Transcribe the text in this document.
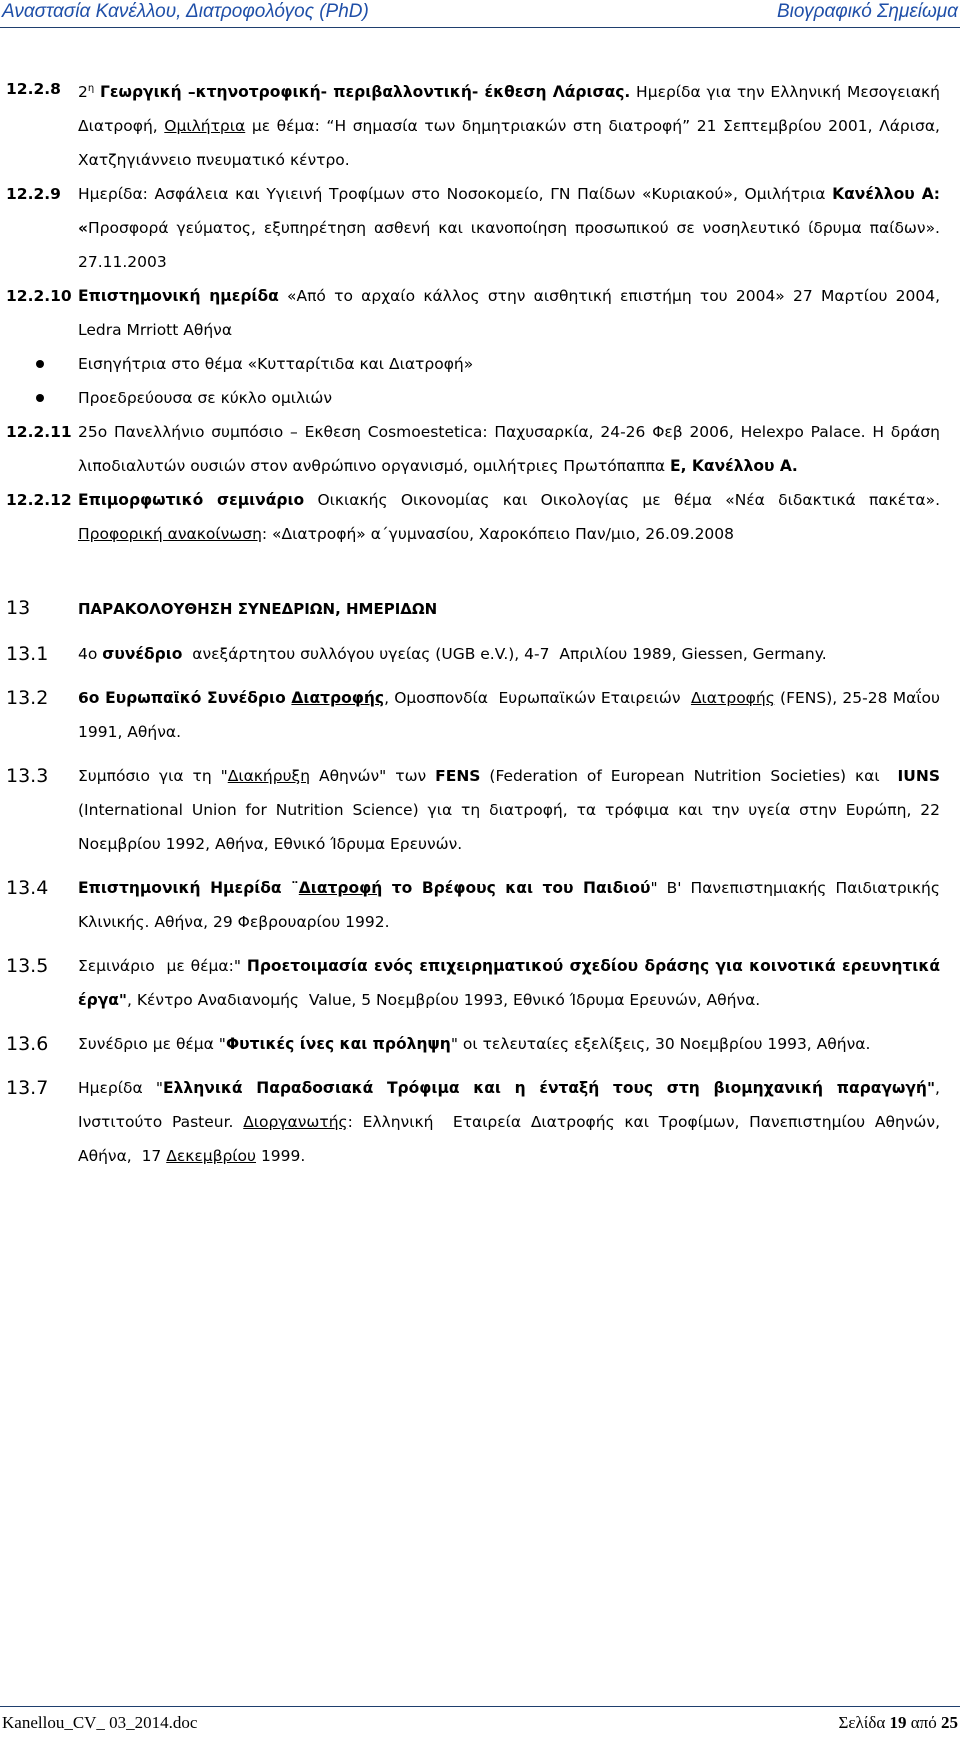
Αναστασία Κανέλλου, Διατροφολόγος (PhD)	Βιογραφικό Σημείωμα
12.2.8	$2^\eta$ Γεωργική –κτηνοτροφική- περιβαλλοντική- έκθεση Λάρισας. Ημερίδα για την Ελληνική Μεσογειακή Διατροφή, Ομιλήτρια με θέμα: “Η σημασία των δημητριακών στη διατροφή” 21 Σεπτεμβρίου 2001, Λάρισα, Χατζηγιάννειο πνευματικό κέντρο.
12.2.9	Ημερίδα: Ασφάλεια και Υγιεινή Τροφίμων στο Νοσοκομείο, ΓΝ Παίδων «Κυριακού», Ομιλήτρια Κανέλλου Α: «Προσφορά γεύματος, εξυπηρέτηση ασθενή και ικανοποίηση προσωπικού σε νοσηλευτικό ίδρυμα παίδων». 27.11.2003
12.2.10 Επιστημονική ημερίδα «Από το αρχαίο κάλλος στην αισθητική επιστήμη του 2004» 27 Μαρτίου 2004, Ledra Mrriott Αθήνα
Εισηγήτρια στο θέμα «Κυτταρίτιδα και Διατροφή»
Προεδρεύουσα σε κύκλο ομιλιών
12.2.11 25ο Πανελλήνιο συμπόσιο – Εκθεση Cosmoestetica: Παχυσαρκία, 24-26 Φεβ 2006, Helexpo Palace. Η δράση λιποδιαλυτών ουσιών στον ανθρώπινο οργανισμό, ομιλήτριες Πρωτόπαππα Ε, Κανέλλου Α.
12.2.12 Επιμορφωτικό σεμινάριο Οικιακής Οικονομίας και Οικολογίας με θέμα «Νέα διδακτικά πακέτα». Προφορική ανακοίνωση: «Διατροφή» α΄γυμνασίου, Χαροκόπειο Παν/μιο, 26.09.2008
13	ΠΑΡΑΚΟΛΟΥΘΗΣΗ ΣΥΝΕΔΡΙΩΝ, ΗΜΕΡΙΔΩΝ
13.1	4ο συνέδριο  ανεξάρτητου συλλόγου υγείας (UGB e.V.), 4-7  Απριλίου 1989, Giessen, Germany.
13.2	6ο Ευρωπαϊκό Συνέδριο Διατροφής, Ομοσπονδία  Ευρωπαϊκών Εταιρειών  Διατροφής (FENS), 25-28 Μαΐου 1991, Αθήνα.
13.3	Συμπόσιο για τη "Διακήρυξη Αθηνών" των FENS (Federation of European Nutrition Societies) και  IUNS (International Union for Nutrition Science) για τη διατροφή, τα τρόφιμα και την υγεία στην Ευρώπη, 22 Νοεμβρίου 1992, Αθήνα, Εθνικό Ίδρυμα Ερευνών.
13.4	Επιστημονική Ημερίδα ¨Διατροφή το Βρέφους και του Παιδιού" Β' Πανεπιστημιακής Παιδιατρικής Κλινικής. Αθήνα, 29 Φεβρουαρίου 1992.
13.5	Σεμινάριο  με θέμα:" Προετοιμασία ενός επιχειρηματικού σχεδίου δράσης για κοινοτικά ερευνητικά έργα", Κέντρο Αναδιανομής  Value, 5 Νοεμβρίου 1993, Εθνικό Ίδρυμα Ερευνών, Αθήνα.
13.6	Συνέδριο με θέμα "Φυτικές ίνες και πρόληψη" οι τελευταίες εξελίξεις, 30 Νοεμβρίου 1993, Αθήνα.
13.7	Ημερίδα "Ελληνικά Παραδοσιακά Τρόφιμα και η ένταξή τους στη βιομηχανική παραγωγή", Ινστιτούτο Pasteur. Διοργανωτής: Ελληνική  Εταιρεία Διατροφής και Τροφίμων, Πανεπιστημίου Αθηνών, Αθήνα,  17 Δεκεμβρίου 1999.
Kanellou_CV_ 03_2014.doc	Σελίδα 19 από 25
